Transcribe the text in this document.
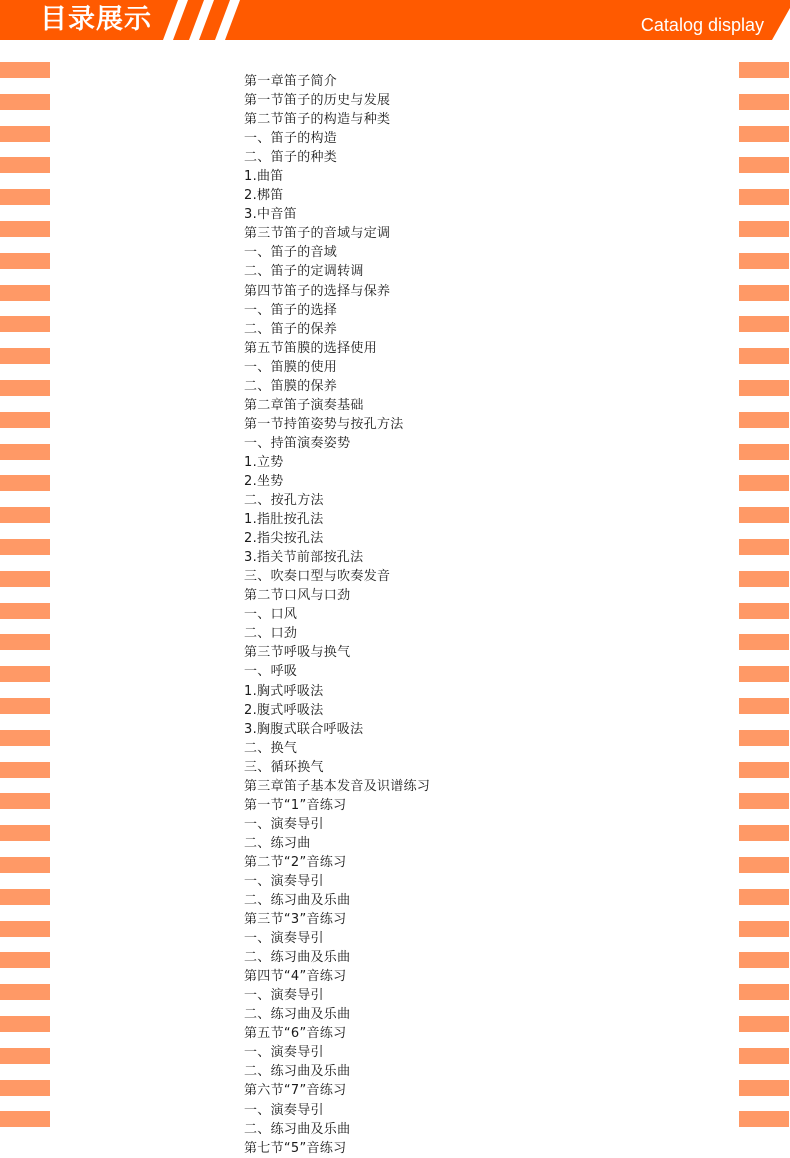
目录展示	Catalog display
第一章笛子简介
第一节笛子的历史与发展
第二节笛子的构造与种类
一、笛子的构造
二、笛子的种类
1.曲笛
2.梆笛
3.中音笛
第三节笛子的音域与定调
一、笛子的音域
二、笛子的定调转调
第四节笛子的选择与保养
一、笛子的选择
二、笛子的保养
第五节笛膜的选择使用
一、笛膜的使用
二、笛膜的保养
第二章笛子演奏基础
第一节持笛姿势与按孔方法
一、持笛演奏姿势
1.立势
2.坐势
二、按孔方法
1.指肚按孔法
2.指尖按孔法
3.指关节前部按孔法
三、吹奏口型与吹奏发音
第二节口风与口劲
一、口风
二、口劲
第三节呼吸与换气
一、呼吸
1.胸式呼吸法
2.腹式呼吸法
3.胸腹式联合呼吸法
二、换气
三、循环换气
第三章笛子基本发音及识谱练习
第一节“1”音练习
一、演奏导引
二、练习曲
第二节“2”音练习
一、演奏导引
二、练习曲及乐曲
第三节“3”音练习
一、演奏导引
二、练习曲及乐曲
第四节“4”音练习
一、演奏导引
二、练习曲及乐曲
第五节“6”音练习
一、演奏导引
二、练习曲及乐曲
第六节“7”音练习
一、演奏导引
二、练习曲及乐曲
第七节“5”音练习
